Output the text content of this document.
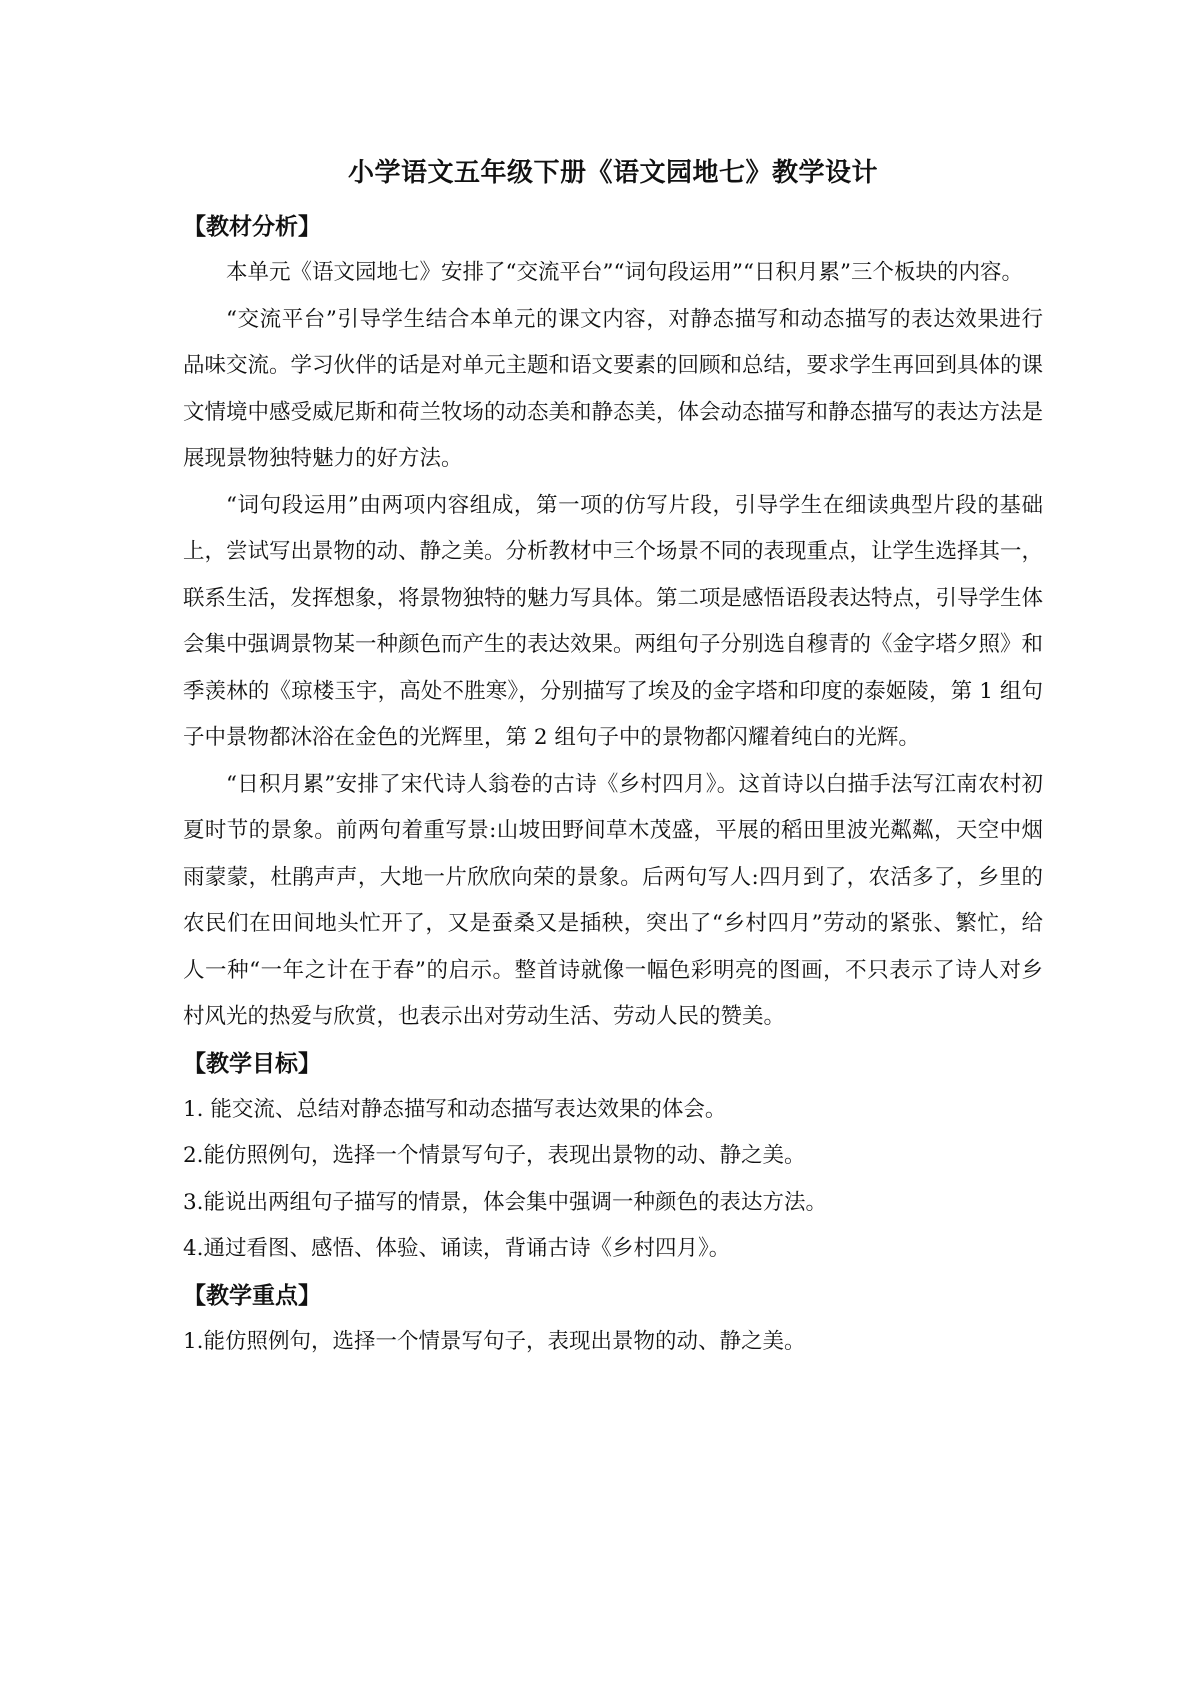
小学语文五年级下册《语文园地七》教学设计
【教材分析】

本单元《语文园地七》安排了“交流平台”“词句段运用”“日积月累”三个板块的内容。

“交流平台”引导学生结合本单元的课文内容，对静态描写和动态描写的表达效果进行品味交流。学习伙伴的话是对单元主题和语文要素的回顾和总结，要求学生再回到具体的课文情境中感受威尼斯和荷兰牧场的动态美和静态美，体会动态描写和静态描写的表达方法是展现景物独特魅力的好方法。

“词句段运用”由两项内容组成，第一项的仿写片段，引导学生在细读典型片段的基础上，尝试写出景物的动、静之美。分析教材中三个场景不同的表现重点，让学生选择其一，联系生活，发挥想象，将景物独特的魅力写具体。第二项是感悟语段表达特点，引导学生体会集中强调景物某一种颜色而产生的表达效果。两组句子分别选自穆青的《金字塔夕照》和季羡林的《琼楼玉宇，高处不胜寒》，分别描写了埃及的金字塔和印度的泰姬陵，第 1 组句子中景物都沐浴在金色的光辉里，第 2 组句子中的景物都闪耀着纯白的光辉。

“日积月累”安排了宋代诗人翁卷的古诗《乡村四月》。这首诗以白描手法写江南农村初夏时节的景象。前两句着重写景:山坡田野间草木茂盛，平展的稻田里波光粼粼，天空中烟雨蒙蒙，杜鹃声声，大地一片欣欣向荣的景象。后两句写人:四月到了，农活多了，乡里的农民们在田间地头忙开了，又是蚕桑又是插秧，突出了“乡村四月”劳动的紧张、繁忙，给人一种“一年之计在于春”的启示。整首诗就像一幅色彩明亮的图画，不只表示了诗人对乡村风光的热爱与欣赏，也表示出对劳动生活、劳动人民的赞美。

【教学目标】

1. 能交流、总结对静态描写和动态描写表达效果的体会。

2.能仿照例句，选择一个情景写句子，表现出景物的动、静之美。

3.能说出两组句子描写的情景，体会集中强调一种颜色的表达方法。

4.通过看图、感悟、体验、诵读，背诵古诗《乡村四月》。

【教学重点】

1.能仿照例句，选择一个情景写句子，表现出景物的动、静之美。
